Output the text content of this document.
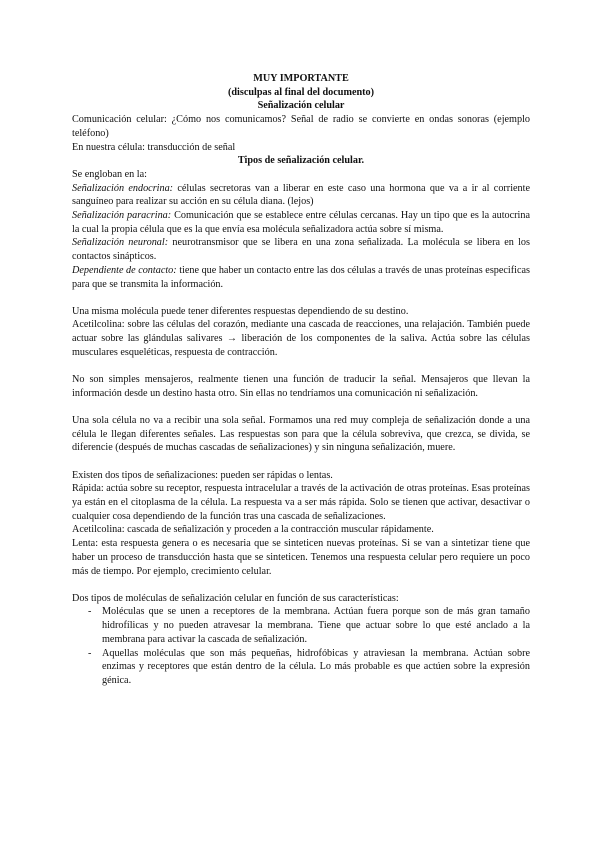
MUY IMPORTANTE
(disculpas al final del documento)
Señalización celular

Comunicación celular: ¿Cómo nos comunicamos? Señal de radio se convierte en ondas sonoras (ejemplo teléfono)

En nuestra célula: transducción de señal

Tipos de señalización celular.

Se engloban en la:

Señalización endocrina: células secretoras van a liberar en este caso una hormona que va a ir al corriente sanguíneo para realizar su acción en su célula diana. (lejos)

Señalización paracrina: Comunicación que se establece entre células cercanas. Hay un tipo que es la autocrina la cual la propia célula que es la que envía esa molécula señalizadora actúa sobre sí misma.

Señalización neuronal: neurotransmisor que se libera en una zona señalizada. La molécula se libera en los contactos sinápticos.

Dependiente de contacto: tiene que haber un contacto entre las dos células a través de unas proteínas especificas para que se transmita la información.

Una misma molécula puede tener diferentes respuestas dependiendo de su destino.

Acetilcolina: sobre las células del corazón, mediante una cascada de reacciones, una relajación. También puede actuar sobre las glándulas salivares → liberación de los componentes de la saliva. Actúa sobre las células musculares esqueléticas, respuesta de contracción.

No son simples mensajeros, realmente tienen una función de traducir la señal. Mensajeros que llevan la información desde un destino hasta otro. Sin ellas no tendríamos una comunicación ni señalización.

Una sola célula no va a recibir una sola señal. Formamos una red muy compleja de señalización donde a una célula le llegan diferentes señales. Las respuestas son para que la célula sobreviva, que crezca, se divida, se diferencie (después de muchas cascadas de señalizaciones) y sin ninguna señalización, muere.

Existen dos tipos de señalizaciones: pueden ser rápidas o lentas.

Rápida: actúa sobre su receptor, respuesta intracelular a través de la activación de otras proteínas. Esas proteínas ya están en el citoplasma de la célula. La respuesta va a ser más rápida. Solo se tienen que activar, desactivar o cualquier cosa dependiendo de la función tras una cascada de señalizaciones.

Acetilcolina: cascada de señalización y proceden a la contracción muscular rápidamente.

Lenta: esta respuesta genera o es necesaria que se sinteticen nuevas proteínas. Si se van a sintetizar tiene que haber un proceso de transducción hasta que se sinteticen. Tenemos una respuesta celular pero requiere un poco más de tiempo. Por ejemplo, crecimiento celular.

Dos tipos de moléculas de señalización celular en función de sus características:

- Moléculas que se unen a receptores de la membrana. Actúan fuera porque son de más gran tamaño hidrofílicas y no pueden atravesar la membrana. Tiene que actuar sobre lo que esté anclado a la membrana para activar la cascada de señalización.
- Aquellas moléculas que son más pequeñas, hidrofóbicas y atraviesan la membrana. Actúan sobre enzimas y receptores que están dentro de la célula. Lo más probable es que actúen sobre la expresión génica.
